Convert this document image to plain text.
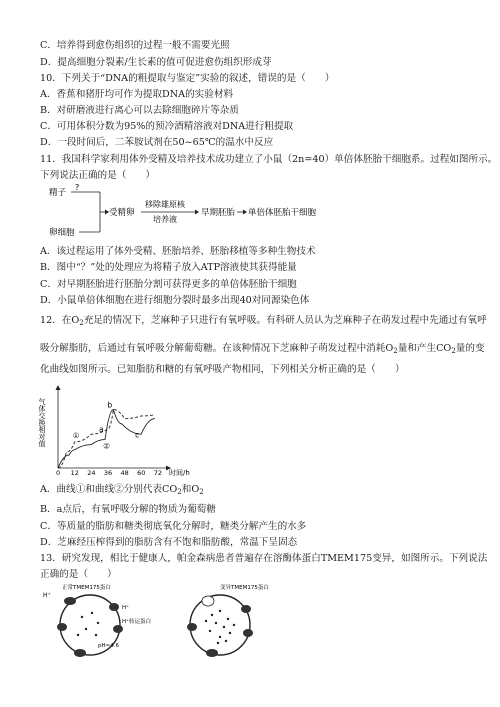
C．培养得到愈伤组织的过程一般不需要光照
D．提高细胞分裂素/生长素的值可促进愈伤组织形成芽
10．下列关于“DNA的粗提取与鉴定”实验的叙述，错误的是（　　）
A．香蕉和猪肝均可作为提取DNA的实验材料
B．对研磨液进行离心可以去除细胞碎片等杂质
C．可用体积分数为95%的预冷酒精溶液对DNA进行粗提取
D．一段时间后，二苯胺试剂在50~65℃的温水中反应
11．我国科学家利用体外受精及培养技术成功建立了小鼠（2n=40）单倍体胚胎干细胞系。过程如图所示。
下列说法正确的是（　　）
精子
?
卵细胞
受精卵
移除雄原核
培养液
早期胚胎 单倍体胚胎干细胞
A．该过程运用了体外受精、胚胎培养、胚胎移植等多种生物技术
B．图中“？”处的处理应为将精子放入ATP溶液使其获得能量
C．对早期胚胎进行胚胎分割可获得更多的单倍体胚胎干细胞
D．小鼠单倍体细胞在进行细胞分裂时最多出现40对同源染色体
12．在$O_2$充足的情况下，芝麻种子只进行有氧呼吸。有科研人员认为芝麻种子在萌发过程中先通过有氧呼
吸分解脂肪，后通过有氧呼吸分解葡萄糖。在该种情况下芝麻种子萌发过程中消耗$O_2$量和产生$CO_2$量的变
化曲线如图所示。已知脂肪和糖的有氧呼吸产物相同，下列相关分析正确的是（　　）
气体交换相对值
时间/h
0 12 24 36 48 60 72
①
②
a
b
c
A．曲线①和曲线②分别代表$CO_2$和$O_2$
B．a点后，有氧呼吸分解的物质为葡萄糖
C．等质量的脂肪和糖类彻底氧化分解时，糖类分解产生的水多
D．芝麻经压榨得到的脂肪含有不饱和脂肪酸，常温下呈固态
13．研究发现，相比于健康人，帕金森病患者普遍存在溶酶体蛋白TMEM175变异，如图所示。下列说法
正确的是（　　）
H⁺
正常TMEM175蛋白
H⁺
H⁺转运蛋白
pH≈4.6
变异TMEM175蛋白
